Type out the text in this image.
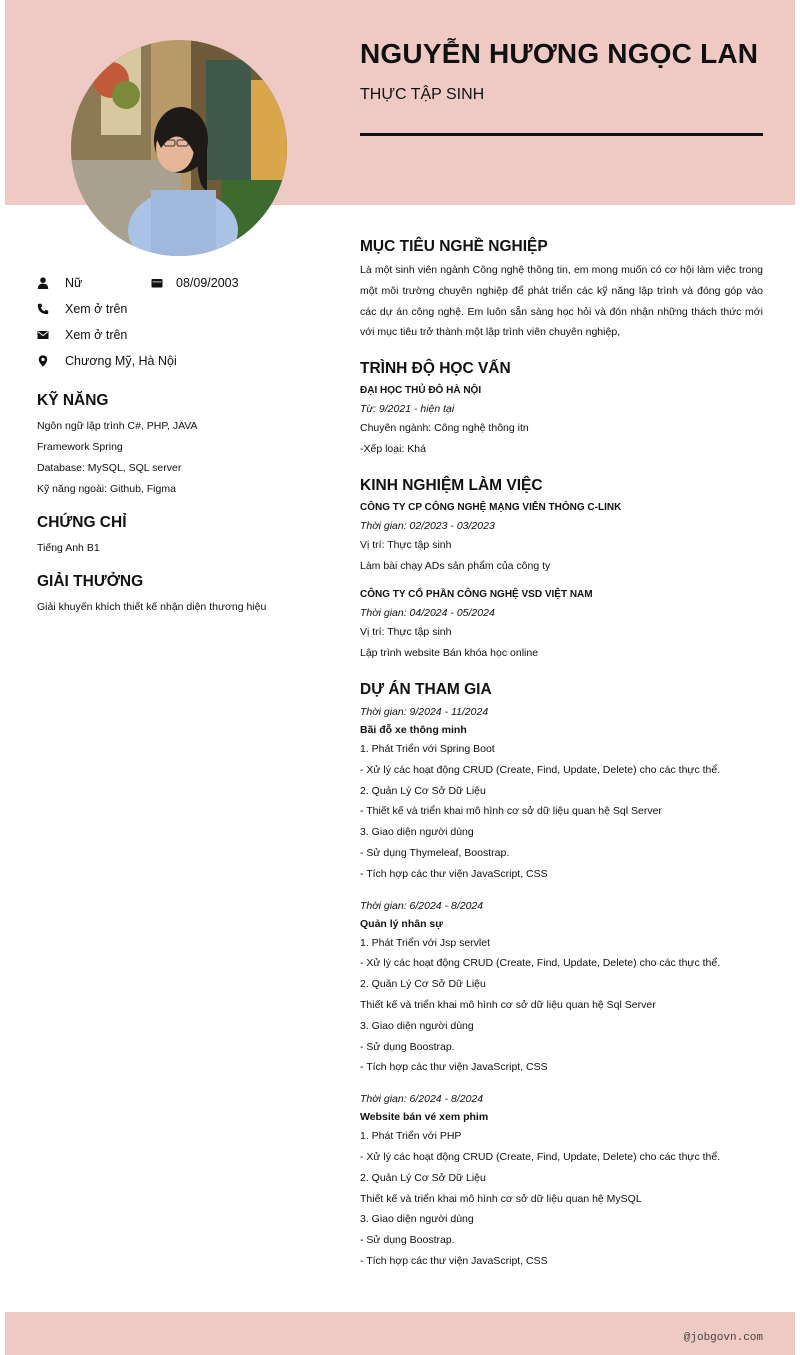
NGUYỄN HƯƠNG NGỌC LAN
THỰC TẬP SINH
Nữ	08/09/2003
Xem ở trên
Xem ở trên
Chương Mỹ, Hà Nội
KỸ NĂNG
Ngôn ngữ lập trình C#, PHP, JAVA
Framework Spring
Database: MySQL, SQL server
Kỹ năng ngoài: Github, Figma
CHỨNG CHỈ
Tiếng Anh B1
GIẢI THƯỞNG
Giải khuyến khích thiết kế nhận diện thương hiệu
MỤC TIÊU NGHỀ NGHIỆP

Là một sinh viên ngành Công nghệ thông tin, em mong muốn có cơ hội làm việc trong một môi trường chuyên nghiệp để phát triển các kỹ năng lập trình và đóng góp vào các dự án công nghệ. Em luôn sẵn sàng học hỏi và đón nhận những thách thức mới với mục tiêu trở thành một lập trình viên chuyên nghiệp,

TRÌNH ĐỘ HỌC VẤN
ĐẠI HỌC THỦ ĐÔ HÀ NỘI
Từ: 9/2021 - hiện tại
Chuyên ngành: Công nghệ thông itn
-Xếp loại: Khá
KINH NGHIỆM LÀM VIỆC
CÔNG TY CP CÔNG NGHỆ MẠNG VIỄN THÔNG C-LINK
Thời gian: 02/2023 - 03/2023
Vị trí: Thực tập sinh
Làm bài chạy ADs sản phẩm của công ty
CÔNG TY CỔ PHẦN CÔNG NGHỆ VSD VIỆT NAM
Thời gian: 04/2024 - 05/2024
Vị trí: Thực tập sinh
Lập trình website Bán khóa học online
DỰ ÁN THAM GIA
Thời gian: 9/2024 - 11/2024
Bãi đỗ xe thông minh
1. Phát Triển với Spring Boot
- Xử lý các hoạt động CRUD (Create, Find, Update, Delete) cho các thực thể.
2. Quản Lý Cơ Sở Dữ Liệu
- Thiết kế và triển khai mô hình cơ sở dữ liệu quan hệ Sql Server
3. Giao diện người dùng
- Sử dụng Thymeleaf, Boostrap.
- Tích hợp các thư viện JavaScript, CSS
Thời gian: 6/2024 - 8/2024
Quản lý nhân sự
1. Phát Triển với Jsp servlet
- Xử lý các hoạt động CRUD (Create, Find, Update, Delete) cho các thực thể.
2. Quản Lý Cơ Sở Dữ Liệu
Thiết kế và triển khai mô hình cơ sở dữ liệu quan hệ Sql Server
3. Giao diện người dùng
- Sử dụng Boostrap.
- Tích hợp các thư viện JavaScript, CSS
Thời gian: 6/2024 - 8/2024
Website bán vé xem phim
1. Phát Triển với PHP
- Xử lý các hoạt động CRUD (Create, Find, Update, Delete) cho các thực thể.
2. Quản Lý Cơ Sở Dữ Liệu
Thiết kế và triển khai mô hình cơ sở dữ liệu quan hệ MySQL
3. Giao diện người dùng
- Sử dụng Boostrap.
- Tích hợp các thư viện JavaScript, CSS
@jobgovn.com
